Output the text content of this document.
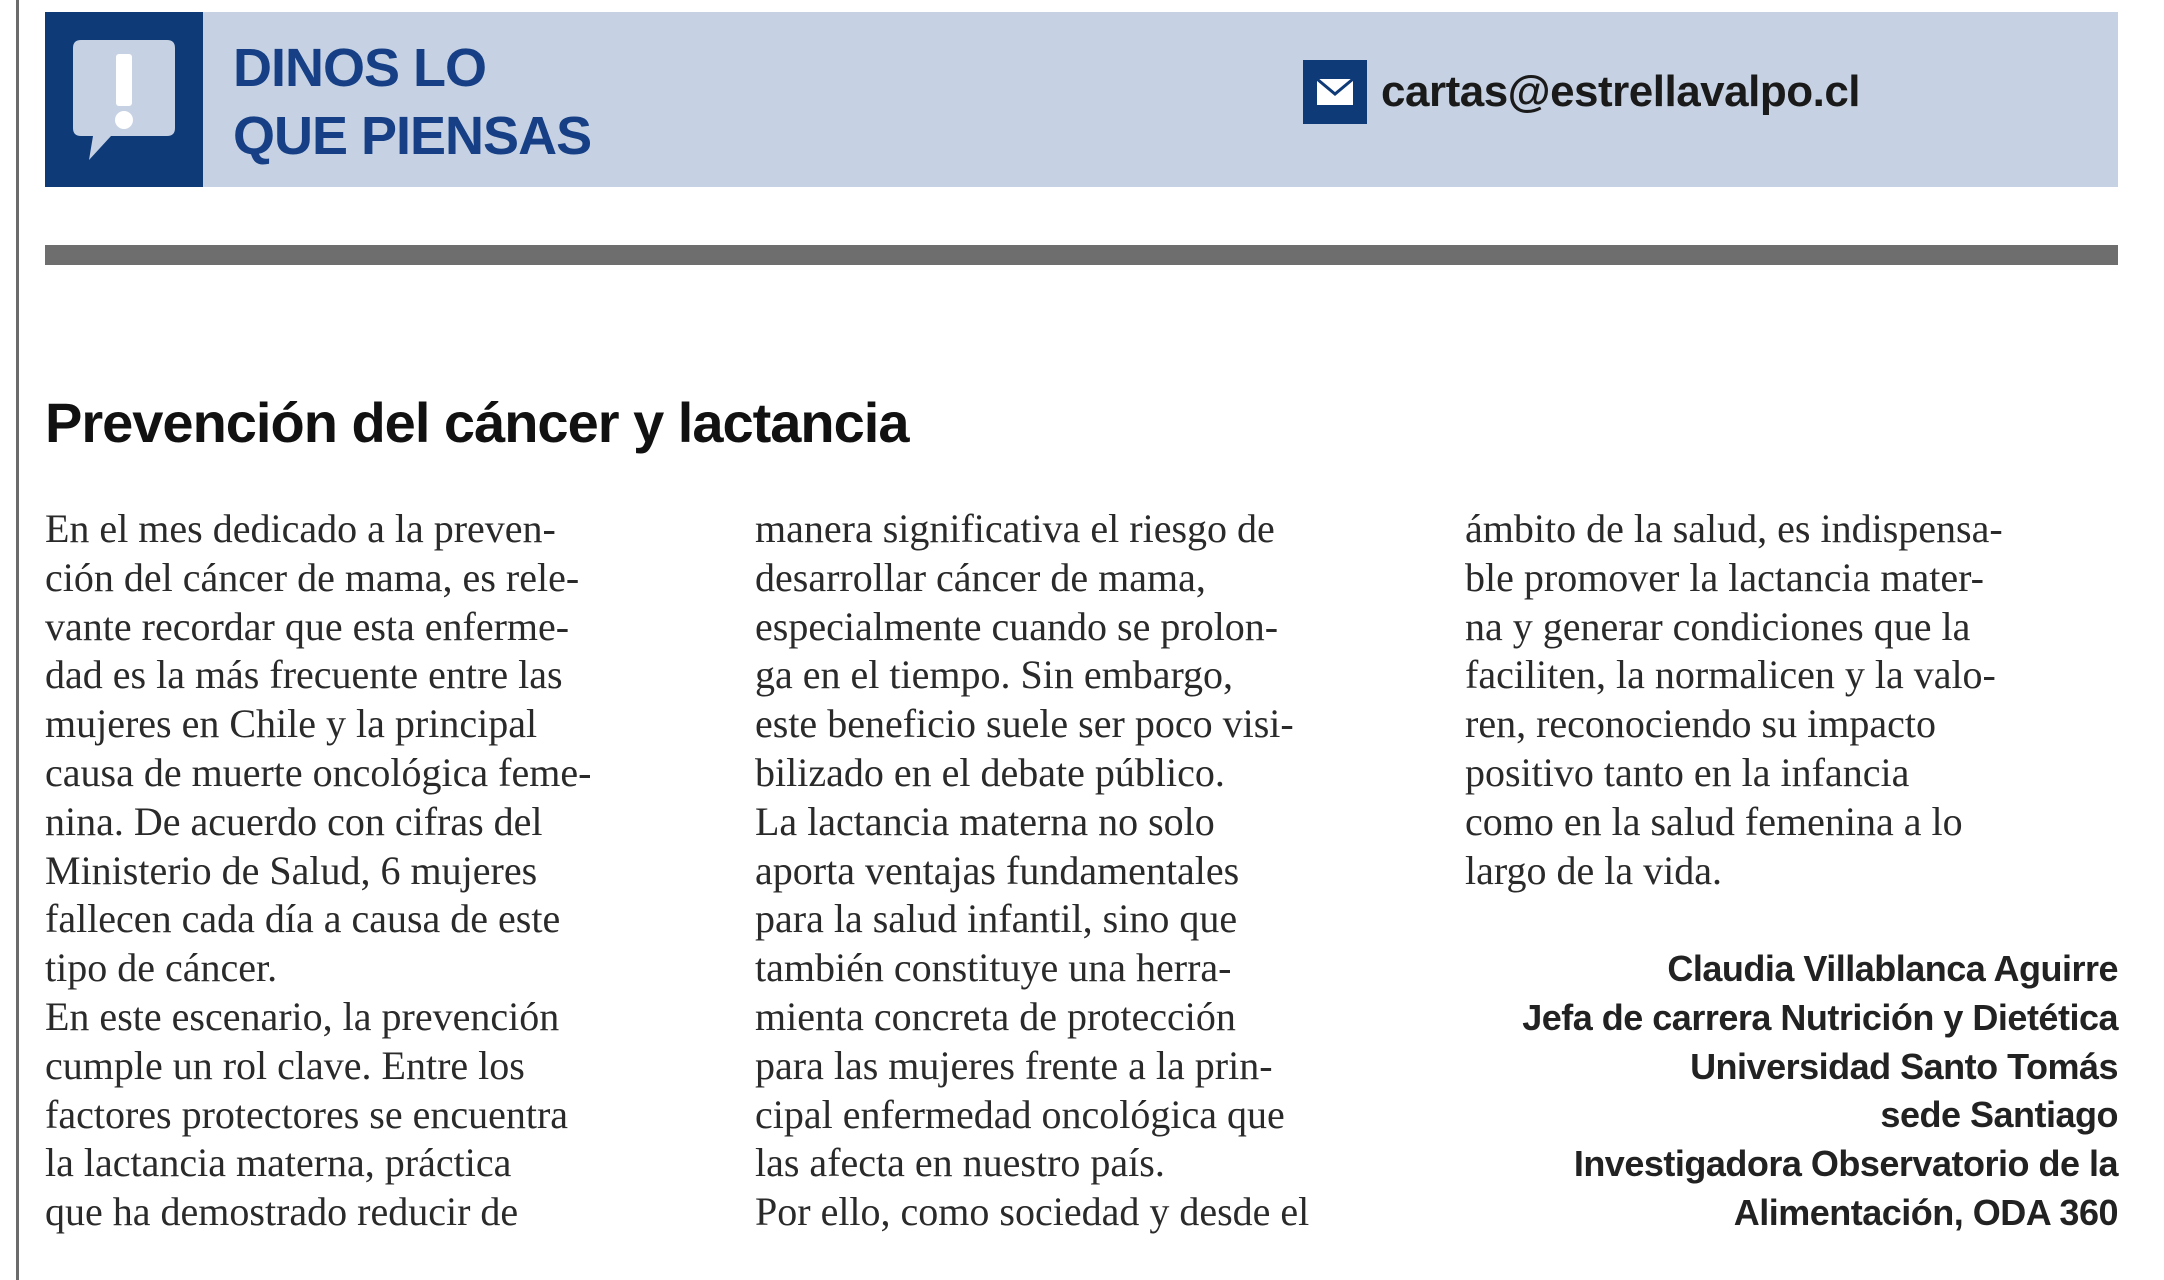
DINOS LO
QUE PIENSAS
cartas@estrellavalpo.cl
Prevención del cáncer y lactancia
En el mes dedicado a la preven-
ción del cáncer de mama, es rele-
vante recordar que esta enferme-
dad es la más frecuente entre las
mujeres en Chile y la principal
causa de muerte oncológica feme-
nina. De acuerdo con cifras del
Ministerio de Salud, 6 mujeres
fallecen cada día a causa de este
tipo de cáncer.
En este escenario, la prevención
cumple un rol clave. Entre los
factores protectores se encuentra
la lactancia materna, práctica
que ha demostrado reducir de
manera significativa el riesgo de
desarrollar cáncer de mama,
especialmente cuando se prolon-
ga en el tiempo. Sin embargo,
este beneficio suele ser poco visi-
bilizado en el debate público.
La lactancia materna no solo
aporta ventajas fundamentales
para la salud infantil, sino que
también constituye una herra-
mienta concreta de protección
para las mujeres frente a la prin-
cipal enfermedad oncológica que
las afecta en nuestro país.
Por ello, como sociedad y desde el
ámbito de la salud, es indispensa-
ble promover la lactancia mater-
na y generar condiciones que la
faciliten, la normalicen y la valo-
ren, reconociendo su impacto
positivo tanto en la infancia
como en la salud femenina a lo
largo de la vida.
Claudia Villablanca Aguirre
Jefa de carrera Nutrición y Dietética
Universidad Santo Tomás
sede Santiago
Investigadora Observatorio de la
Alimentación, ODA 360
